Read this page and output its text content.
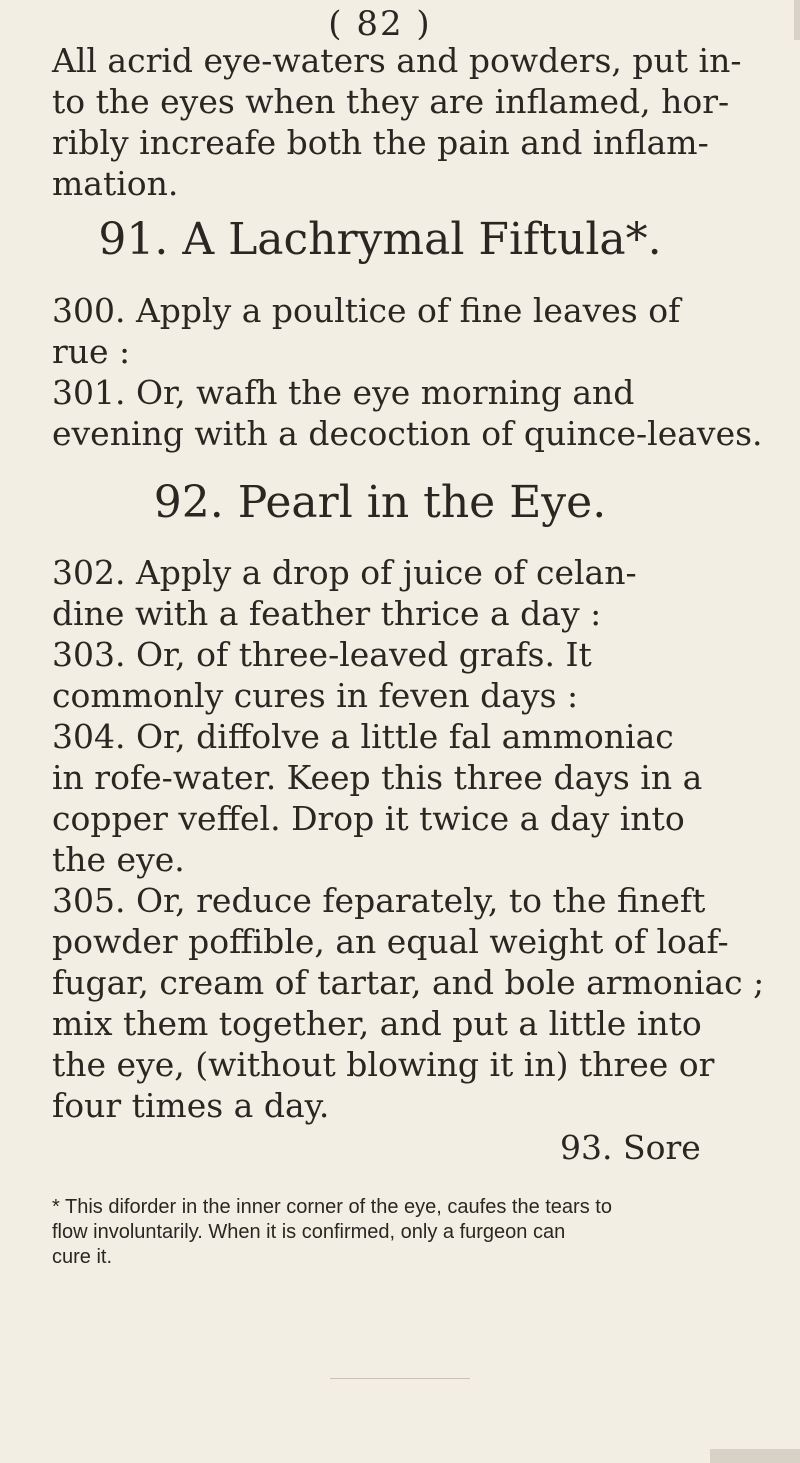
( 82 )
All acrid eye-waters and powders, put in-
to the eyes when they are inflamed, hor-
ribly increafe both the pain and inflam-
mation.
91. A Lachrymal Fiftula*.
300. Apply a poultice of fine leaves of
rue :
301. Or, wafh the eye morning and
evening with a decoction of quince-leaves.
92. Pearl in the Eye.
302. Apply a drop of juice of celan-
dine with a feather thrice a day :
303. Or, of three-leaved grafs. It
commonly cures in feven days :
304. Or, diffolve a little fal ammoniac
in rofe-water. Keep this three days in a
copper veffel. Drop it twice a day into
the eye.
305. Or, reduce feparately, to the fineft
powder poffible, an equal weight of loaf-
fugar, cream of tartar, and bole armoniac ;
mix them together, and put a little into
the eye, (without blowing it in) three or
four times a day.
93. Sore
* This diforder in the inner corner of the eye, caufes the tears to
flow involuntarily. When it is confirmed, only a furgeon can
cure it.
